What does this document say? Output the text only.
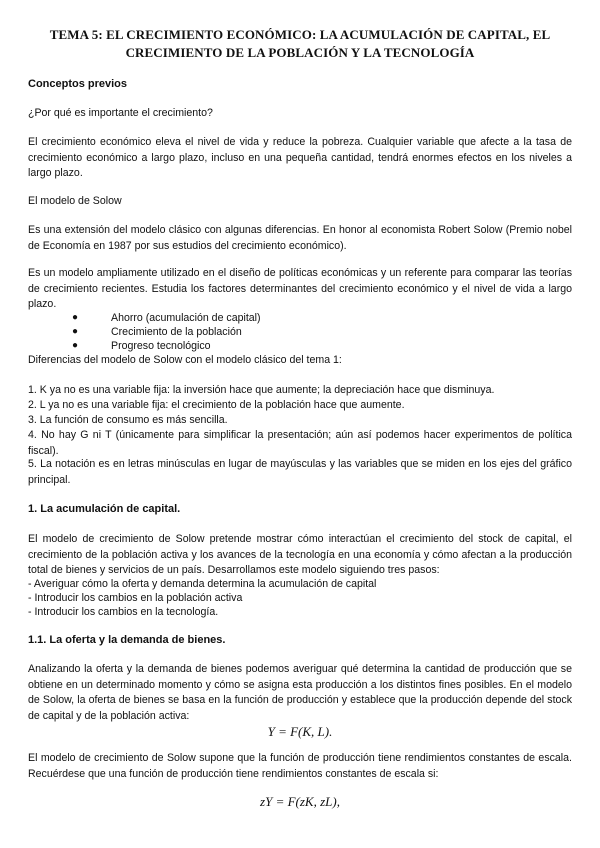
TEMA 5: EL CRECIMIENTO ECONÓMICO: LA ACUMULACIÓN DE CAPITAL, EL
CRECIMIENTO DE LA POBLACIÓN Y LA TECNOLOGÍA
Conceptos previos
¿Por qué es importante el crecimiento?
El crecimiento económico eleva el nivel de vida y reduce la pobreza. Cualquier variable que afecte a la tasa de crecimiento económico a largo plazo, incluso en una pequeña cantidad, tendrá enormes efectos en los niveles a largo plazo.
El modelo de Solow
Es una extensión del modelo clásico con algunas diferencias. En honor al economista Robert Solow (Premio nobel de Economía en 1987 por sus estudios del crecimiento económico).
Es un modelo ampliamente utilizado en el diseño de políticas económicas y un referente para comparar las teorías de crecimiento recientes. Estudia los factores determinantes del crecimiento económico y el nivel de vida a largo plazo.
●	Ahorro (acumulación de capital)
●	Crecimiento de la población
●	Progreso tecnológico
Diferencias del modelo de Solow con el modelo clásico del tema 1:
1. K ya no es una variable fija: la inversión hace que aumente; la depreciación hace que disminuya.
2. L ya no es una variable fija: el crecimiento de la población hace que aumente.
3. La función de consumo es más sencilla.
4. No hay G ni T (únicamente para simplificar la presentación; aún así podemos hacer experimentos de política fiscal).
5. La notación es en letras minúsculas en lugar de mayúsculas y las variables que se miden en los ejes del gráfico principal.
1. La acumulación de capital.
El modelo de crecimiento de Solow pretende mostrar cómo interactúan el crecimiento del stock de capital, el crecimiento de la población activa y los avances de la tecnología en una economía y cómo afectan a la producción total de bienes y servicios de un país. Desarrollamos este modelo siguiendo tres pasos:
- Averiguar cómo la oferta y demanda determina la acumulación de capital
- Introducir los cambios en la población activa
- Introducir los cambios en la tecnología.
1.1. La oferta y la demanda de bienes.
Analizando la oferta y la demanda de bienes podemos averiguar qué determina la cantidad de producción que se obtiene en un determinado momento y cómo se asigna esta producción a los distintos fines posibles. En el modelo de Solow, la oferta de bienes se basa en la función de producción y establece que la producción depende del stock de capital y de la población activa:
Y = F(K, L).
El modelo de crecimiento de Solow supone que la función de producción tiene rendimientos constantes de escala. Recuérdese que una función de producción tiene rendimientos constantes de escala si:
zY = F(zK, zL),
